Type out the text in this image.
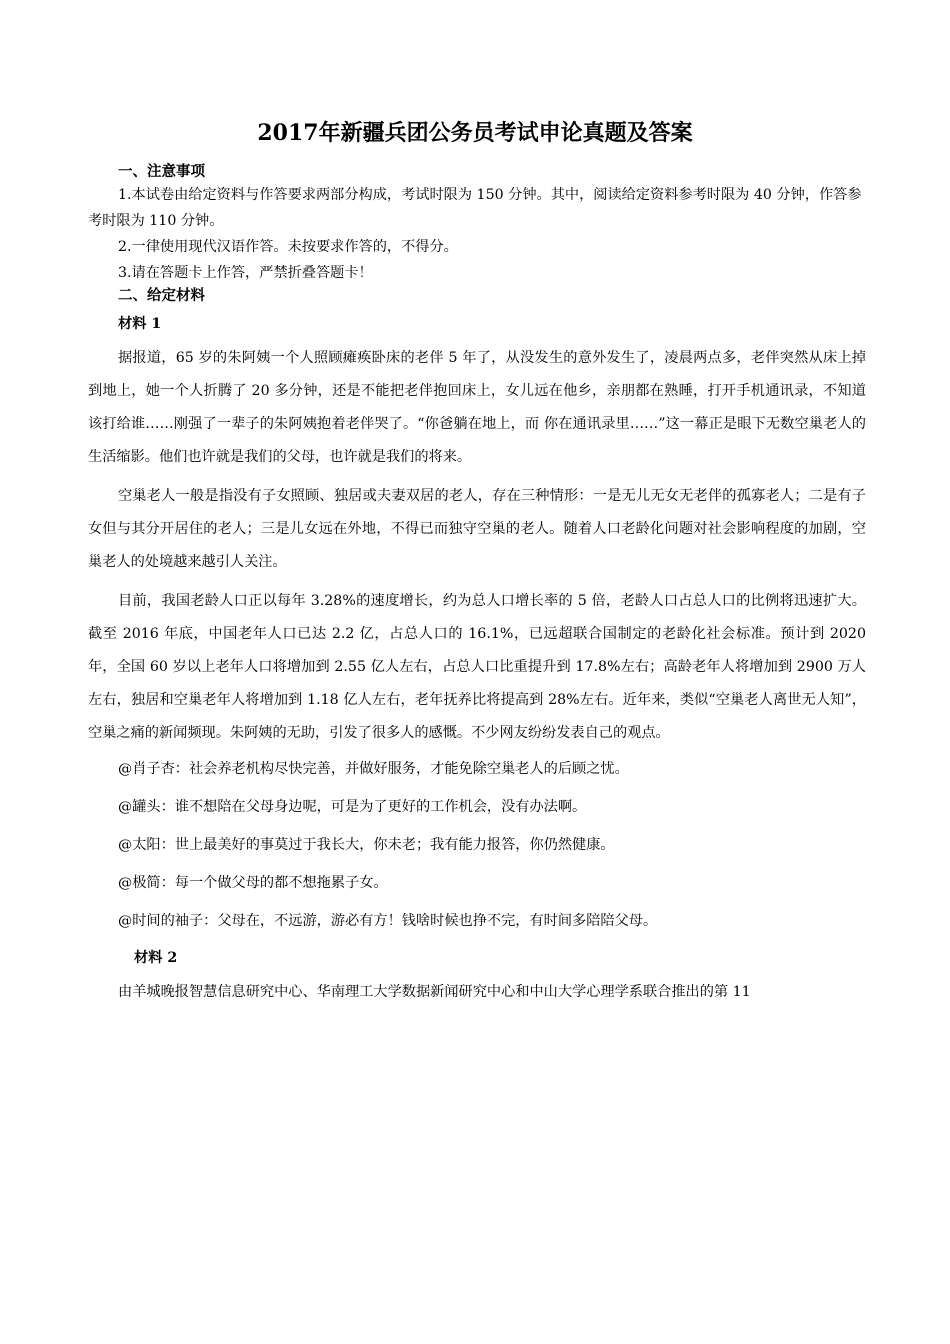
2017年新疆兵团公务员考试申论真题及答案

一、注意事项

1.本试卷由给定资料与作答要求两部分构成，考试时限为 150 分钟。其中，阅读给定资料参考时限为 40 分钟，作答参考时限为 110 分钟。

2.一律使用现代汉语作答。未按要求作答的，不得分。

3.请在答题卡上作答，严禁折叠答题卡！

二、给定材料

材料 1

据报道，65 岁的朱阿姨一个人照顾瘫痪卧床的老伴 5 年了，从没发生的意外发生了，凌晨两点多，老伴突然从床上掉到地上，她一个人折腾了 20 多分钟，还是不能把老伴抱回床上，女儿远在他乡，亲朋都在熟睡，打开手机通讯录，不知道该打给谁……刚强了一辈子的朱阿姨抱着老伴哭了。“你爸躺在地上，而 你在通讯录里……”这一幕正是眼下无数空巢老人的生活缩影。他们也许就是我们的父母，也许就是我们的将来。

空巢老人一般是指没有子女照顾、独居或夫妻双居的老人，存在三种情形：一是无儿无女无老伴的孤寡老人；二是有子女但与其分开居住的老人；三是儿女远在外地，不得已而独守空巢的老人。随着人口老龄化问题对社会影响程度的加剧，空巢老人的处境越来越引人关注。

目前，我国老龄人口正以每年 3.28%的速度增长，约为总人口增长率的 5 倍，老龄人口占总人口的比例将迅速扩大。截至 2016 年底，中国老年人口已达 2.2 亿，占总人口的 16.1%，已远超联合国制定的老龄化社会标准。预计到 2020 年，全国 60 岁以上老年人口将增加到 2.55 亿人左右，占总人口比重提升到 17.8%左右；高龄老年人将增加到 2900 万人左右，独居和空巢老年人将增加到 1.18 亿人左右，老年抚养比将提高到 28%左右。近年来，类似“空巢老人离世无人知”，空巢之痛的新闻频现。朱阿姨的无助，引发了很多人的感慨。不少网友纷纷发表自己的观点。

@肖子杏：社会养老机构尽快完善，并做好服务，才能免除空巢老人的后顾之忧。

@罐头：谁不想陪在父母身边呢，可是为了更好的工作机会，没有办法啊。

@太阳：世上最美好的事莫过于我长大，你未老；我有能力报答，你仍然健康。

@极简：每一个做父母的都不想拖累子女。

@时间的袖子：父母在，不远游，游必有方！钱啥时候也挣不完，有时间多陪陪父母。

材料 2

由羊城晚报智慧信息研究中心、华南理工大学数据新闻研究中心和中山大学心理学系联合推出的第 11
